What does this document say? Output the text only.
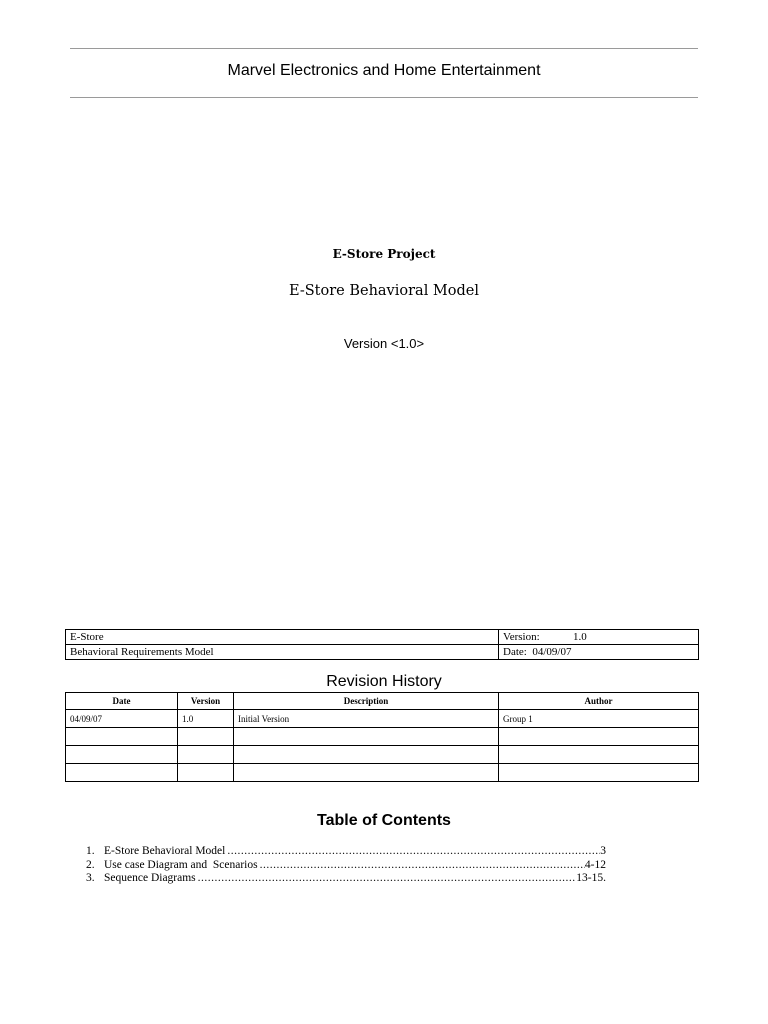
Marvel Electronics and Home Entertainment
E-Store Project
E-Store Behavioral Model
Version <1.0>
E-Store	Version: 1.0
Behavioral Requirements Model	Date: 04/09/07
Revision History
Date	Version	Description	Author
04/09/07	1.0	Initial Version	Group 1

Table of Contents
1. E-Store Behavioral Model .....	3
2. Use case Diagram and  Scenarios .....	4-12
3. Sequence Diagrams .....	13-15.
